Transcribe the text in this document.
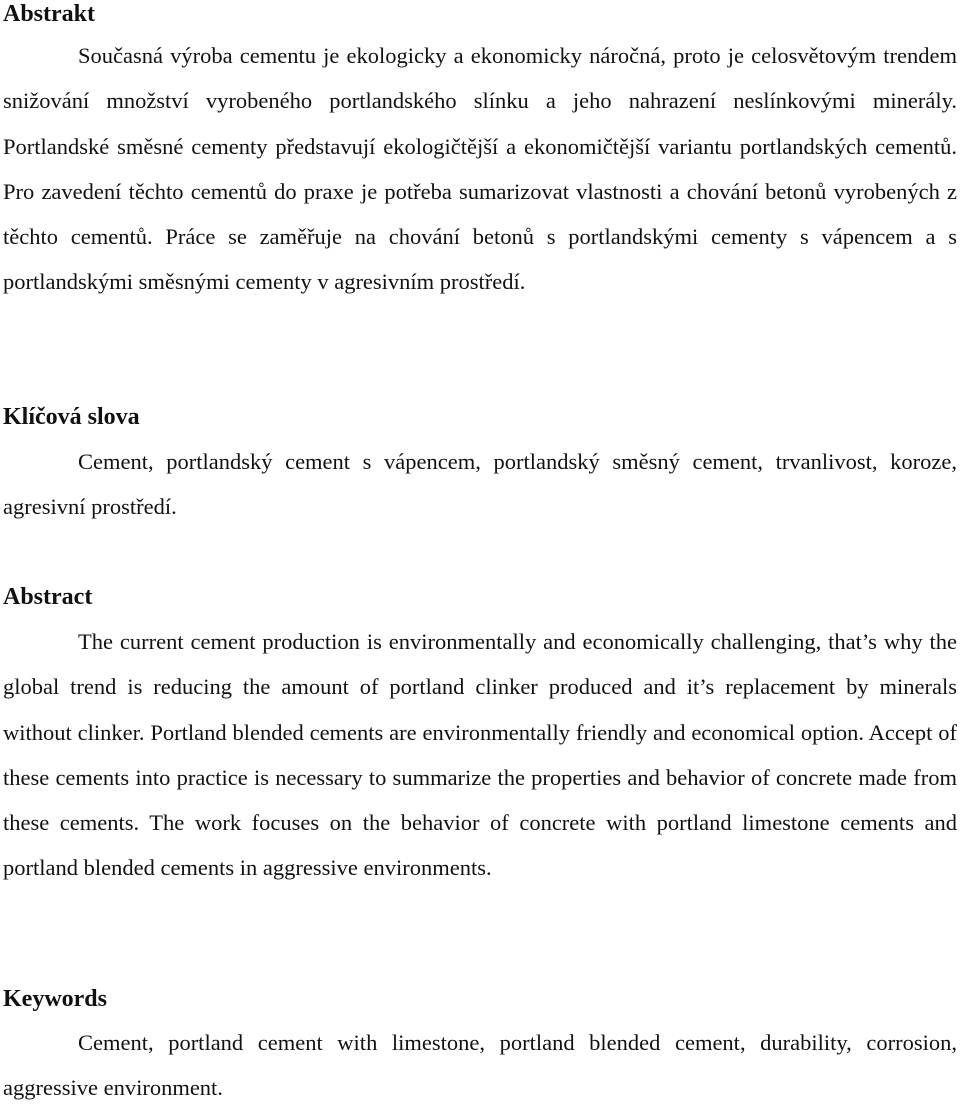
Abstrakt

Současná výroba cementu je ekologicky a ekonomicky náročná, proto je celosvětovým trendem snižování množství vyrobeného portlandského slínku a jeho nahrazení neslínkovými minerály. Portlandské směsné cementy představují ekologičtější a ekonomičtější variantu portlandských cementů. Pro zavedení těchto cementů do praxe je potřeba sumarizovat vlastnosti a chování betonů vyrobených z těchto cementů. Práce se zaměřuje na chování betonů s portlandskými cementy s vápencem a s portlandskými směsnými cementy v agresivním prostředí.

Klíčová slova

Cement, portlandský cement s vápencem, portlandský směsný cement, trvanlivost, koroze, agresivní prostředí.

Abstract

The current cement production is environmentally and economically challenging, that’s why the global trend is reducing the amount of portland clinker produced and it’s replacement by minerals without clinker. Portland blended cements are environmentally friendly and economical option. Accept of these cements into practice is necessary to summarize the properties and behavior of concrete made from these cements. The work focuses on the behavior of concrete with portland limestone cements and portland blended cements in aggressive environments.

Keywords

Cement, portland cement with limestone, portland blended cement, durability, corrosion, aggressive environment.
